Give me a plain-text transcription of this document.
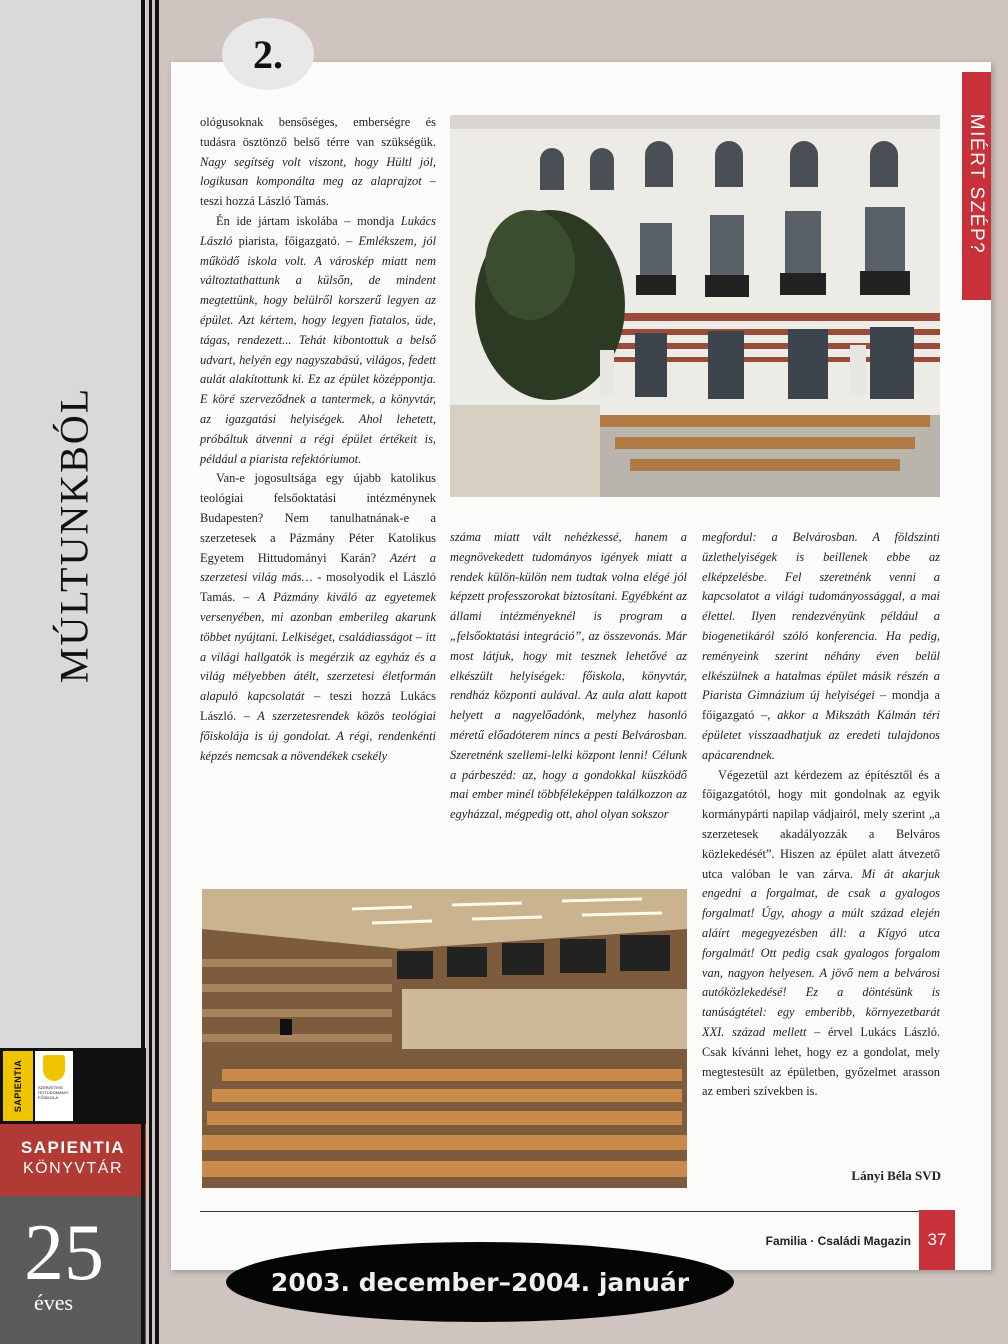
MÚLTUNKBÓL
SAPIENTIA	SZERZETESI HITTUDOMÁNYI FŐISKOLA
SAPIENTIA
KÖNYVTÁR
25
éves
2.
MIÉRT SZÉP?

ológusoknak bensőséges, emberségre és tudásra ösztönző belső térre van szükségük. Nagy segítség volt viszont, hogy Hültl jól, logikusan komponálta meg az alaprajzot – teszi hozzá László Tamás.

Én ide jártam iskolába – mondja Lukács László piarista, főigazgató. – Emlékszem, jól működő iskola volt. A városkép miatt nem változtathattunk a külsőn, de mindent megtettünk, hogy belülről korszerű legyen az épület. Azt kértem, hogy legyen fiatalos, üde, tágas, rendezett... Tehát kibontottuk a belső udvart, helyén egy nagyszabású, világos, fedett aulát alakítottunk ki. Ez az épület középpontja. E köré szerveződnek a tantermek, a könyvtár, az igazgatási helyiségek. Ahol lehetett, próbáltuk átvenni a régi épület értékeit is, például a piarista refektóriumot.

Van-e jogosultsága egy újabb katolikus teológiai felsőoktatási intézménynek Budapesten? Nem tanulhatnának-e a szerzetesek a Pázmány Péter Katolikus Egyetem Hittudományi Karán? Azért a szerzetesi világ más… - mosolyodik el László Tamás. – A Pázmány kiváló az egyetemek versenyében, mi azonban emberileg akarunk többet nyújtani. Lelkiséget, családiasságot – itt a világi hallgatók is megérzik az egyház és a világ mélyebben átélt, szerzetesi életformán alapuló kapcsolatát – teszi hozzá Lukács László. – A szerzetesrendek közös teológiai főiskolája is új gondolat. A régi, rendenkénti képzés nemcsak a növendékek csekély

száma miatt vált nehézkessé, hanem a megnövekedett tudományos igények miatt a rendek külön-külön nem tudtak volna elégé jól képzett professzorokat biztosítani. Egyébként az állami intézményeknél is program a „felsőoktatási integráció”, az összevonás. Már most látjuk, hogy mit tesznek lehetővé az elkészült helyiségek: főiskola, könyvtár, rendház központi aulával. Az aula alatt kapott helyett a nagyelőadónk, melyhez hasonló méretű előadóterem nincs a pesti Belvárosban. Szeretnénk szellemi-lelki központ lenni! Célunk a párbeszéd: az, hogy a gondokkal küszködő mai ember minél többféleképpen találkozzon az egyházzal, mégpedig ott, ahol olyan sokszor

megfordul: a Belvárosban. A földszinti üzlethelyiségek is beillenek ebbe az elképzelésbe. Fel szeretnénk venni a kapcsolatot a világi tudományossággal, a mai élettel. Ilyen rendezvényünk például a biogenetikáról szóló konferencia. Ha pedig, reményeink szerint néhány éven belül elkészülnek a hatalmas épület másik részén a Piarista Gimnázium új helyiségei – mondja a főigazgató –, akkor a Mikszáth Kálmán téri épületet visszaadhatjuk az eredeti tulajdonos apácarendnek.

Végezetül azt kérdezem az építésztől és a főigazgatótól, hogy mit gondolnak az egyik kormánypárti napilap vádjairól, mely szerint „a szerzetesek akadályozzák a Belváros közlekedését”. Hiszen az épület alatt átvezető utca valóban le van zárva. Mi át akarjuk engedni a forgalmat, de csak a gyalogos forgalmat! Úgy, ahogy a múlt század elején aláírt megegyezésben áll: a Kígyó utca forgalmát! Ott pedig csak gyalogos forgalom van, nagyon helyesen. A jövő nem a belvárosi autóközlekedésé! Ez a döntésünk is tanúságtétel: egy emberibb, környezetbarát XXI. század mellett – érvel Lukács László. Csak kívánni lehet, hogy ez a gondolat, mely megtestesült az épületben, győzelmet arasson az emberi szívekben is.

Lányi Béla SVD
Familia · Családi Magazin 37
2003. december–2004. január
